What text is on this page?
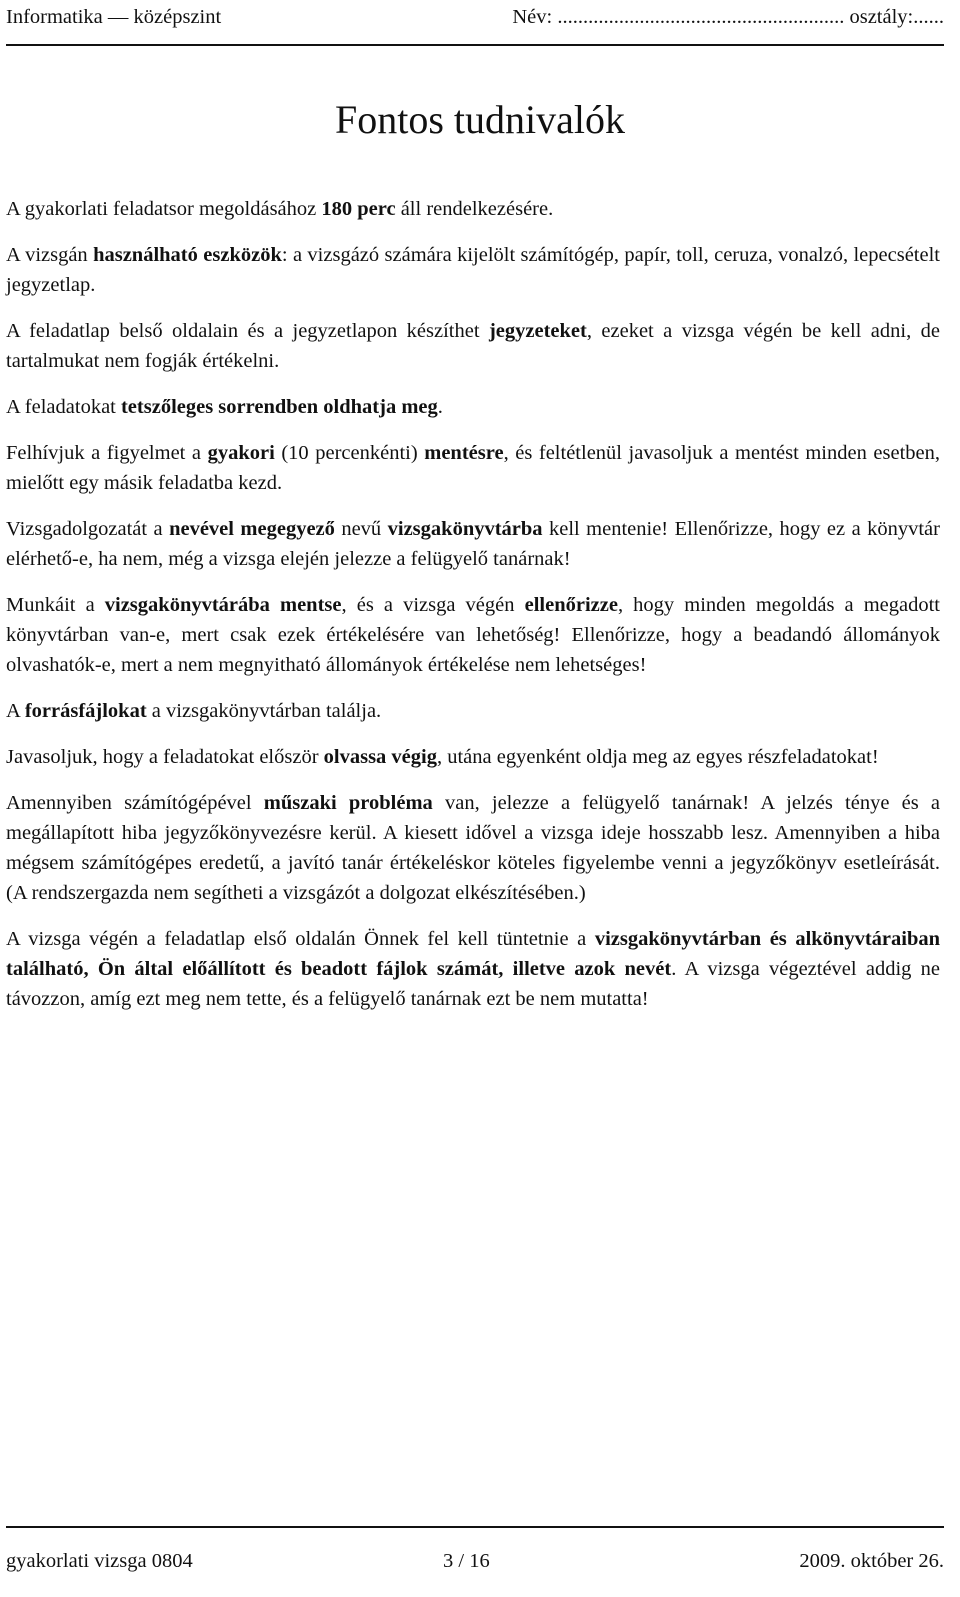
Informatika — középszint	Név: ........................................................ osztály:......
Fontos tudnivalók

A gyakorlati feladatsor megoldásához 180 perc áll rendelkezésére.

A vizsgán használható eszközök: a vizsgázó számára kijelölt számítógép, papír, toll, ceruza, vonalzó, lepecsételt jegyzetlap.

A feladatlap belső oldalain és a jegyzetlapon készíthet jegyzeteket, ezeket a vizsga végén be kell adni, de tartalmukat nem fogják értékelni.

A feladatokat tetszőleges sorrendben oldhatja meg.

Felhívjuk a figyelmet a gyakori (10 percenkénti) mentésre, és feltétlenül javasoljuk a mentést minden esetben, mielőtt egy másik feladatba kezd.

Vizsgadolgozatát a nevével megegyező nevű vizsgakönyvtárba kell mentenie! Ellenőrizze, hogy ez a könyvtár elérhető-e, ha nem, még a vizsga elején jelezze a felügyelő tanárnak!

Munkáit a vizsgakönyvtárába mentse, és a vizsga végén ellenőrizze, hogy minden megoldás a megadott könyvtárban van-e, mert csak ezek értékelésére van lehetőség! Ellenőrizze, hogy a beadandó állományok olvashatók-e, mert a nem megnyitható állományok értékelése nem lehetséges!

A forrásfájlokat a vizsgakönyvtárban találja.

Javasoljuk, hogy a feladatokat először olvassa végig, utána egyenként oldja meg az egyes részfeladatokat!

Amennyiben számítógépével műszaki probléma van, jelezze a felügyelő tanárnak! A jelzés ténye és a megállapított hiba jegyzőkönyvezésre kerül. A kiesett idővel a vizsga ideje hosszabb lesz. Amennyiben a hiba mégsem számítógépes eredetű, a javító tanár értékeléskor köteles figyelembe venni a jegyzőkönyv esetleírását. (A rendszergazda nem segítheti a vizsgázót a dolgozat elkészítésében.)

A vizsga végén a feladatlap első oldalán Önnek fel kell tüntetnie a vizsgakönyvtárban és alkönyvtáraiban található, Ön által előállított és beadott fájlok számát, illetve azok nevét. A vizsga végeztével addig ne távozzon, amíg ezt meg nem tette, és a felügyelő tanárnak ezt be nem mutatta!

gyakorlati vizsga 0804	3 / 16	2009. október 26.
